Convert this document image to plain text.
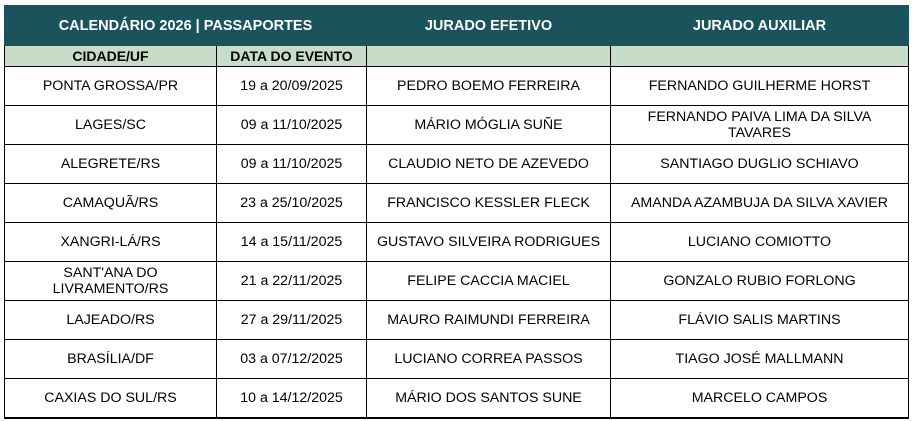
CALENDÁRIO 2026 | PASSAPORTES		JURADO EFETIVO	JURADO AUXILIAR
CIDADE/UF	DATA DO EVENTO		
PONTA GROSSA/PR	19 a 20/09/2025	PEDRO BOEMO FERREIRA	FERNANDO GUILHERME HORST
LAGES/SC	09 a 11/10/2025	MÁRIO MÓGLIA SUÑE	FERNANDO PAIVA LIMA DA SILVA TAVARES
ALEGRETE/RS	09 a 11/10/2025	CLAUDIO NETO DE AZEVEDO	SANTIAGO DUGLIO SCHIAVO
CAMAQUÃ/RS	23 a 25/10/2025	FRANCISCO KESSLER FLECK	AMANDA AZAMBUJA DA SILVA XAVIER
XANGRI-LÁ/RS	14 a 15/11/2025	GUSTAVO SILVEIRA RODRIGUES	LUCIANO COMIOTTO
SANT'ANA DO LIVRAMENTO/RS	21 a 22/11/2025	FELIPE CACCIA MACIEL	GONZALO RUBIO FORLONG
LAJEADO/RS	27 a 29/11/2025	MAURO RAIMUNDI FERREIRA	FLÁVIO SALIS MARTINS
BRASÍLIA/DF	03 a 07/12/2025	LUCIANO CORREA PASSOS	TIAGO JOSÉ MALLMANN
CAXIAS DO SUL/RS	10 a 14/12/2025	MÁRIO DOS SANTOS SUNE	MARCELO CAMPOS
